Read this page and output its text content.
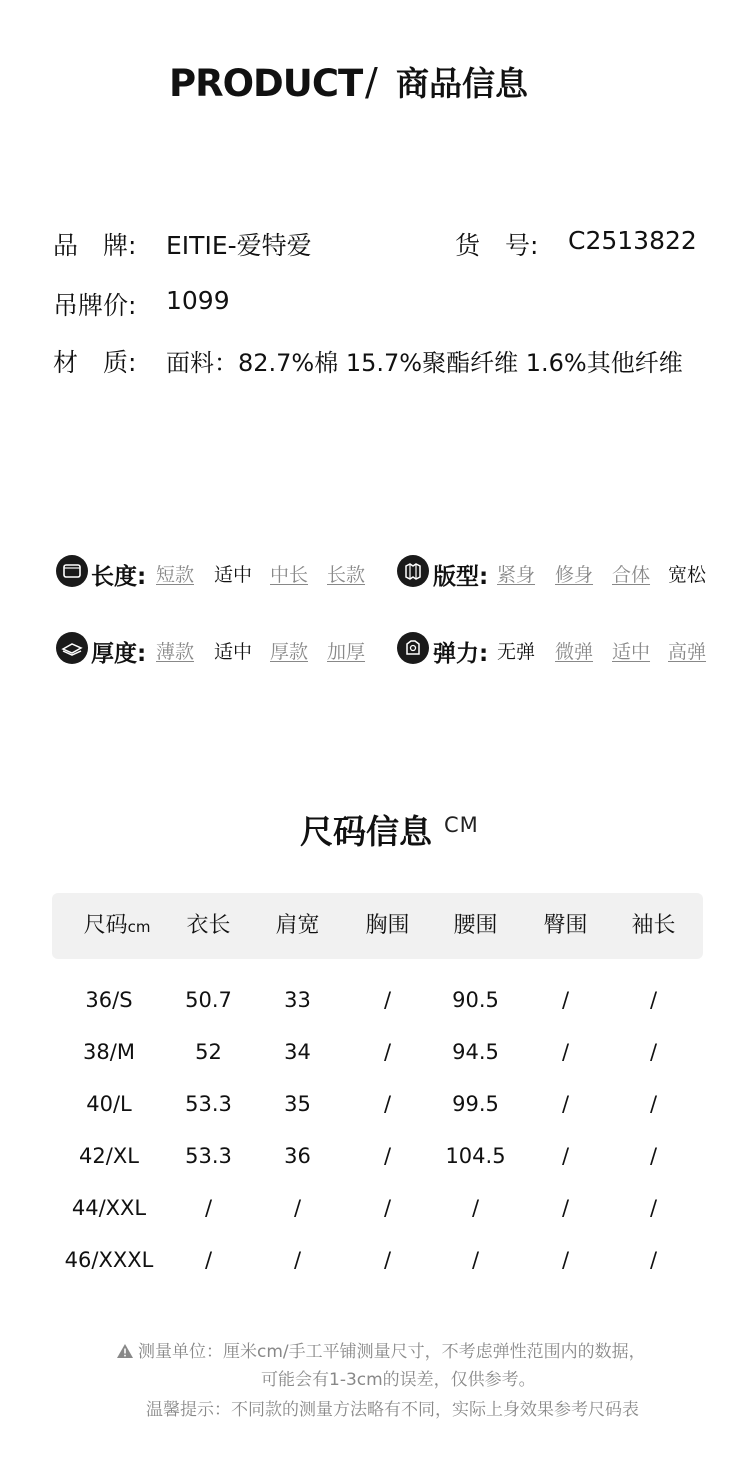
PRODUCT / 商品信息
品　牌: EITIE-爱特爱	货　号: C2513822
吊牌价: 1099
材　质: 面料：82.7%棉 15.7%聚酯纤维 1.6%其他纤维
长度: 短款 适中 中长 长款	版型: 紧身 修身 合体 宽松
厚度: 薄款 适中 厚款 加厚	弹力: 无弹 微弹 适中 高弹
尺码信息 CM
尺码cm	衣长	肩宽	胸围	腰围	臀围	袖长
36/S	50.7	33	/	90.5	/	/
38/M	52	34	/	94.5	/	/
40/L	53.3	35	/	99.5	/	/
42/XL	53.3	36	/	104.5	/	/
44/XXL	/	/	/	/	/	/
46/XXXL	/	/	/	/	/	/
测量单位：厘米cm/手工平铺测量尺寸，不考虑弹性范围内的数据，
可能会有1-3cm的误差，仅供参考。
温馨提示：不同款的测量方法略有不同，实际上身效果参考尺码表
